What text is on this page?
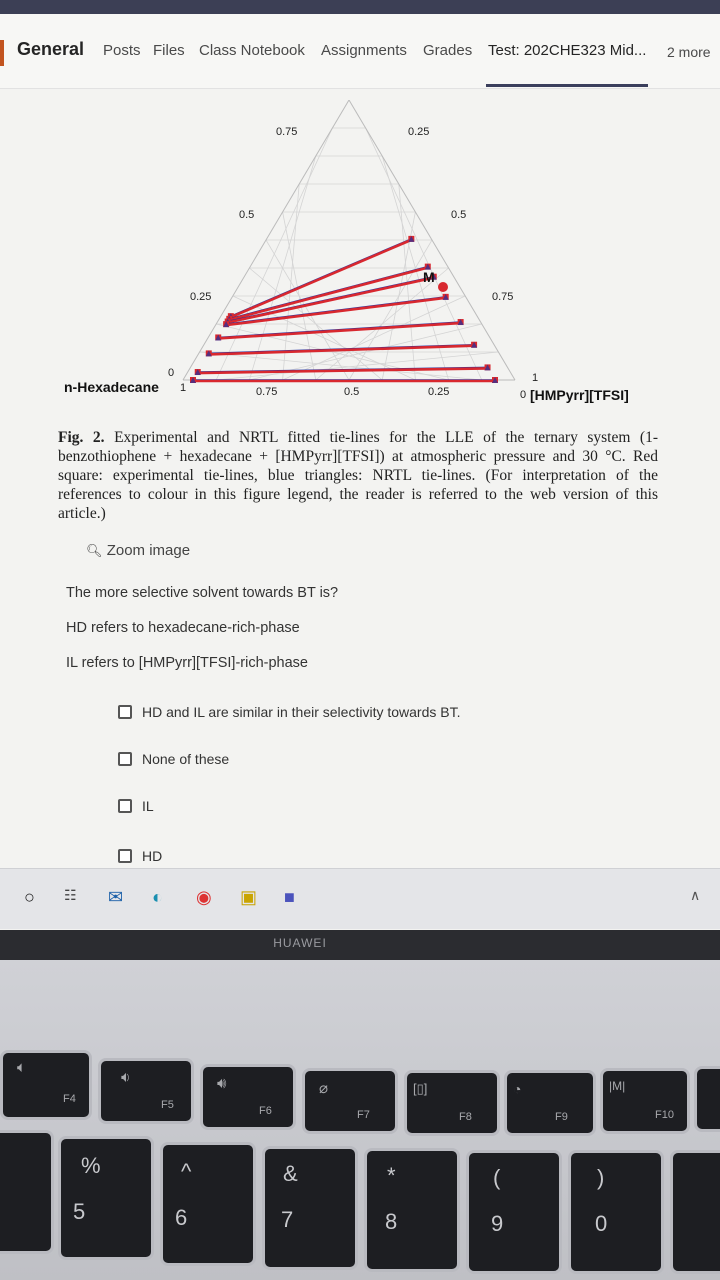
General Posts Files Class Notebook Assignments Grades Test: 202CHE323 Mid... 2 more
0.75
0.5
0.25
0.25
0.5
0.75
0.75	0.5	0.25
0
1
1
0
n-Hexadecane	[HMPyrr][TFSI]
M
Fig. 2. Experimental and NRTL fitted tie-lines for the LLE of the ternary system (1-benzothiophene + hexadecane + [HMPyrr][TFSI]) at atmospheric pressure and 30 °C. Red square: experimental tie-lines, blue triangles: NRTL tie-lines. (For interpretation of the references to colour in this figure legend, the reader is referred to the web version of this article.)
🔍︎ Zoom image
The more selective solvent towards BT is?
HD refers to hexadecane-rich-phase
IL refers to [HMPyrr][TFSI]-rich-phase
HD and IL are similar in their selectivity towards BT.
None of these
IL
HD
○ ☷ ✉ ◐ ◉ ▣ ■	∧
HUAWEI
🔈︎
F4
🔉︎
F5
🔊︎
F6
⌀
F7
[▯]
F8
◔
F9
|M|
F10
%
5
^
6
&
7
*
8
(
9
)
0
